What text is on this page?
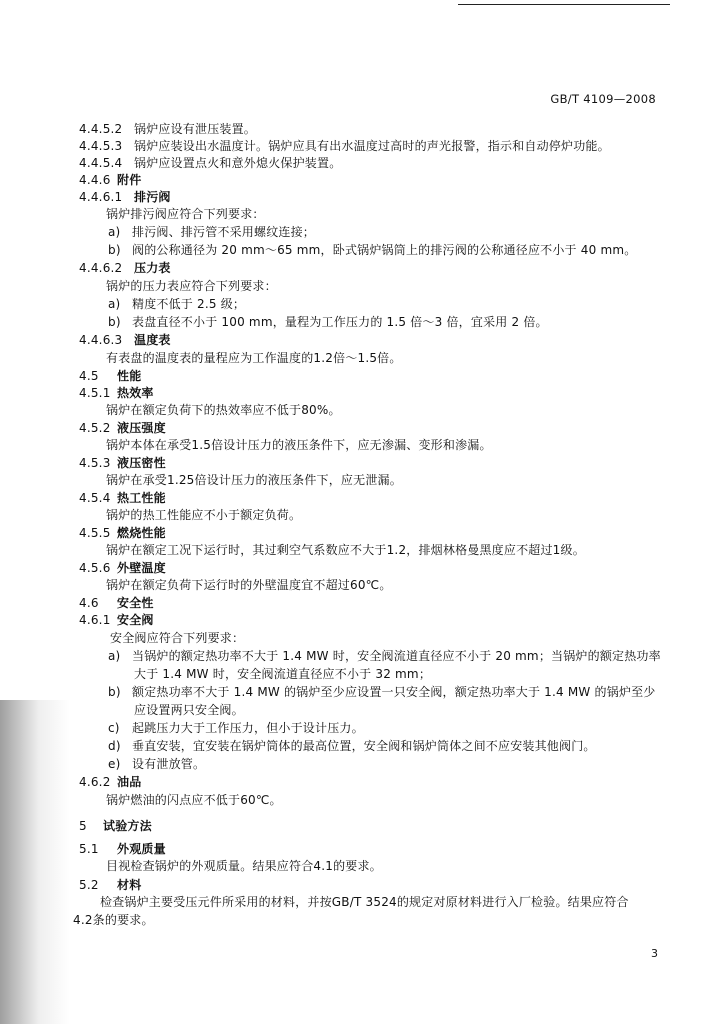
GB/T 4109—2008
4.4.5.2 锅炉应设有泄压装置。
4.4.5.3 锅炉应装设出水温度计。锅炉应具有出水温度过高时的声光报警，指示和自动停炉功能。
4.4.5.4 锅炉应设置点火和意外熄火保护装置。
4.4.6 附件
4.4.6.1 排污阀
锅炉排污阀应符合下列要求：
a) 排污阀、排污管不采用螺纹连接；
b) 阀的公称通径为 20 mm～65 mm，卧式锅炉锅筒上的排污阀的公称通径应不小于 40 mm。
4.4.6.2 压力表
锅炉的压力表应符合下列要求：
a) 精度不低于 2.5 级；
b) 表盘直径不小于 100 mm，量程为工作压力的 1.5 倍～3 倍，宜采用 2 倍。
4.4.6.3 温度表
有表盘的温度表的量程应为工作温度的1.2倍～1.5倍。
4.5 性能
4.5.1 热效率
锅炉在额定负荷下的热效率应不低于80%。
4.5.2 液压强度
锅炉本体在承受1.5倍设计压力的液压条件下，应无渗漏、变形和渗漏。
4.5.3 液压密性
锅炉在承受1.25倍设计压力的液压条件下，应无泄漏。
4.5.4 热工性能
锅炉的热工性能应不小于额定负荷。
4.5.5 燃烧性能
锅炉在额定工况下运行时，其过剩空气系数应不大于1.2，排烟林格曼黑度应不超过1级。
4.5.6 外壁温度
锅炉在额定负荷下运行时的外壁温度宜不超过60℃。
4.6 安全性
4.6.1 安全阀
安全阀应符合下列要求：
a) 当锅炉的额定热功率不大于 1.4 MW 时，安全阀流道直径应不小于 20 mm；当锅炉的额定热功率
大于 1.4 MW 时，安全阀流道直径应不小于 32 mm；
b) 额定热功率不大于 1.4 MW 的锅炉至少应设置一只安全阀，额定热功率大于 1.4 MW 的锅炉至少
应设置两只安全阀。
c) 起跳压力大于工作压力，但小于设计压力。
d) 垂直安装，宜安装在锅炉筒体的最高位置，安全阀和锅炉筒体之间不应安装其他阀门。
e) 设有泄放管。
4.6.2 油品
锅炉燃油的闪点应不低于60℃。
5 试验方法
5.1 外观质量
目视检查锅炉的外观质量。结果应符合4.1的要求。
5.2 材料
检查锅炉主要受压元件所采用的材料，并按GB/T 3524的规定对原材料进行入厂检验。结果应符合
4.2条的要求。
3
